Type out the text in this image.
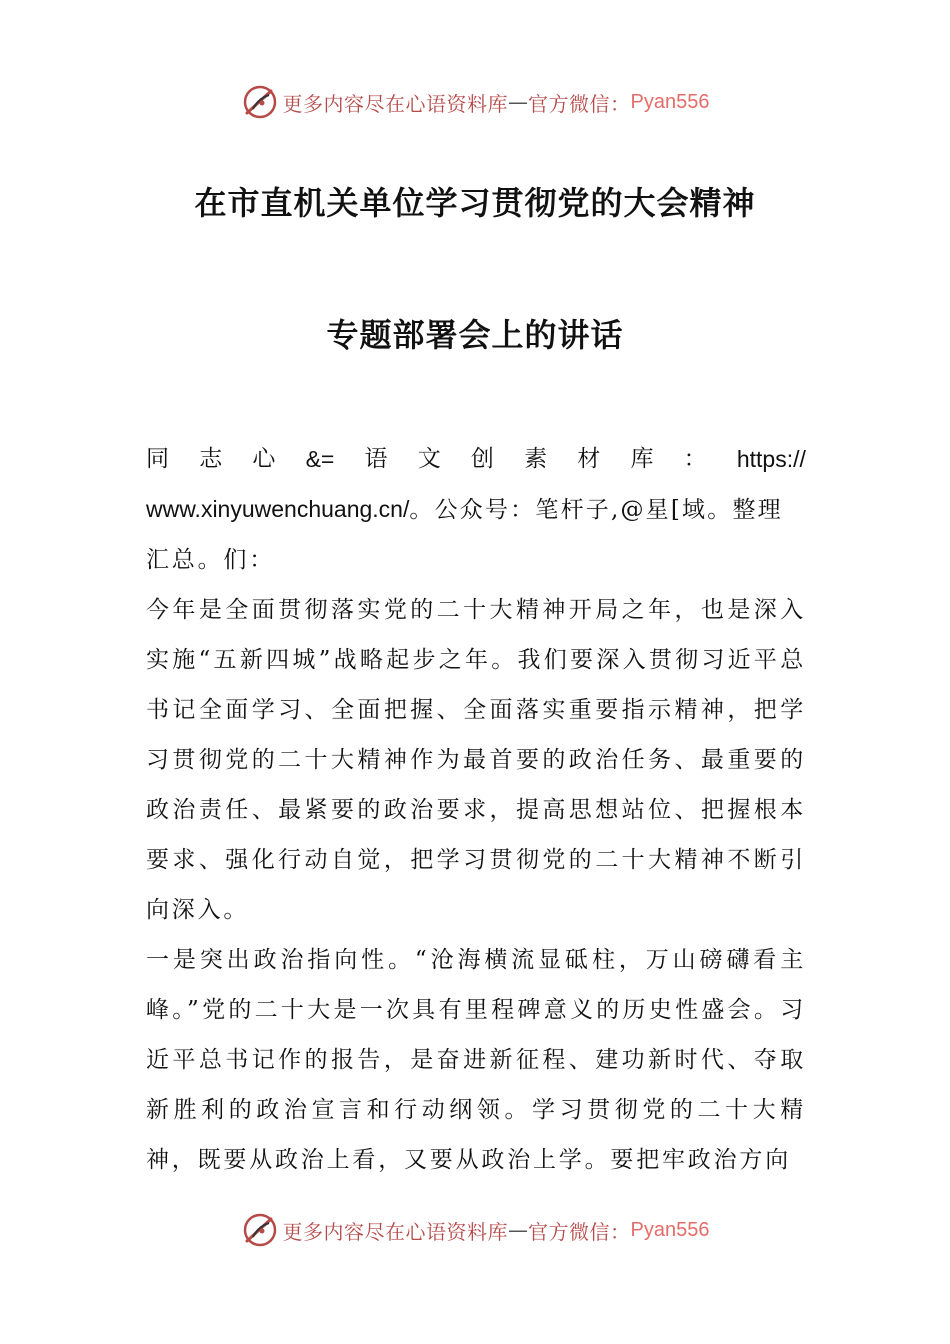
更多内容尽在心语资料库 — 官方微信： Pyan556
在市直机关单位学习贯彻党的大会精神
专题部署会上的讲话
同 志 心 &= 语 文 创 素 材 库 ： https://
www.xinyuwenchuang.cn/。公众号：笔杆子,@星[域。整理
汇总。们：

今年是全面贯彻落实党的二十大精神开局之年，也是深入实施“五新四城”战略起步之年。我们要深入贯彻习近平总书记全面学习、全面把握、全面落实重要指示精神，把学习贯彻党的二十大精神作为最首要的政治任务、最重要的政治责任、最紧要的政治要求，提高思想站位、把握根本要求、强化行动自觉，把学习贯彻党的二十大精神不断引向深入。

一是突出政治指向性。“沧海横流显砥柱，万山磅礴看主峰。”党的二十大是一次具有里程碑意义的历史性盛会。习近平总书记作的报告，是奋进新征程、建功新时代、夺取新胜利的政治宣言和行动纲领。学习贯彻党的二十大精神，既要从政治上看，又要从政治上学。要把牢政治方向

更多内容尽在心语资料库 — 官方微信： Pyan556
